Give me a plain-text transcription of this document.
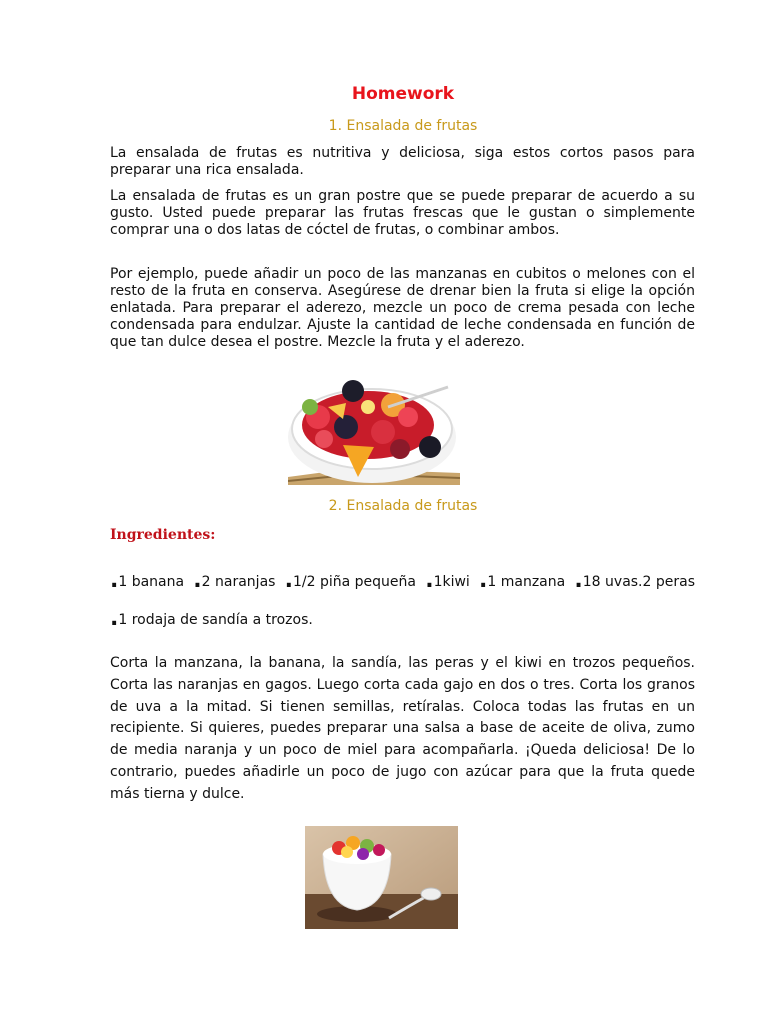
Homework
1. Ensalada de frutas
La ensalada de frutas es nutritiva y deliciosa, siga estos cortos pasos para preparar una rica ensalada.
La ensalada de frutas es un gran postre que se puede preparar de acuerdo a su gusto. Usted puede preparar las frutas frescas que le gustan o simplemente comprar una o dos latas de cóctel de frutas, o combinar ambos.
Por ejemplo, puede añadir un poco de las manzanas en cubitos o melones con el resto de la fruta en conserva. Asegúrese de drenar bien la fruta si elige la opción enlatada. Para preparar el aderezo, mezcle un poco de crema pesada con leche condensada para endulzar. Ajuste la cantidad de leche condensada en función de que tan dulce desea el postre. Mezcle la fruta y el aderezo.
2. Ensalada de frutas
Ingredientes:
.1 banana .2 naranjas .1/2 piña pequeña .1kiwi .1 manzana .18 uvas.2 peras
.1 rodaja de sandía a trozos.
Corta la manzana, la banana, la sandía, las peras y el kiwi en trozos pequeños. Corta las naranjas en gagos. Luego corta cada gajo en dos o tres. Corta los granos de uva a la mitad. Si tienen semillas, retíralas. Coloca todas las frutas en un recipiente. Si quieres, puedes preparar una salsa a base de aceite de oliva, zumo de media naranja y un poco de miel para acompañarla. ¡Queda deliciosa! De lo contrario, puedes añadirle un poco de jugo con azúcar para que la fruta quede más tierna y dulce.
